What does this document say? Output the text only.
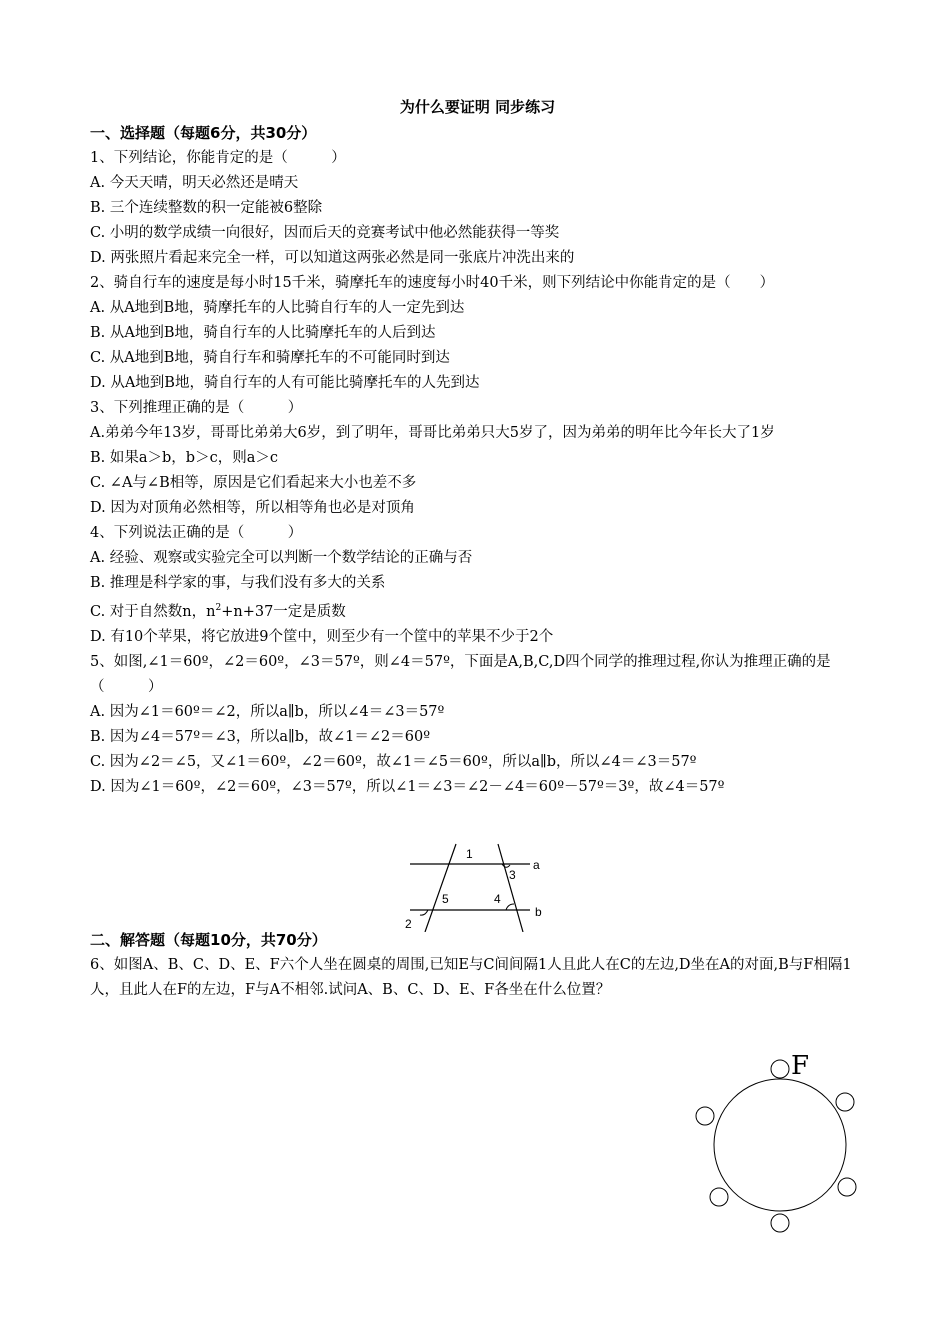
为什么要证明 同步练习
一、选择题（每题6分，共30分）
1、下列结论，你能肯定的是（　　　）
A. 今天天晴，明天必然还是晴天
B. 三个连续整数的积一定能被6整除
C. 小明的数学成绩一向很好，因而后天的竞赛考试中他必然能获得一等奖
D. 两张照片看起来完全一样，可以知道这两张必然是同一张底片冲洗出来的
2、骑自行车的速度是每小时15千米，骑摩托车的速度每小时40千米，则下列结论中你能肯定的是（　　）
A. 从A地到B地，骑摩托车的人比骑自行车的人一定先到达
B. 从A地到B地，骑自行车的人比骑摩托车的人后到达
C. 从A地到B地，骑自行车和骑摩托车的不可能同时到达
D. 从A地到B地，骑自行车的人有可能比骑摩托车的人先到达
3、下列推理正确的是（　　　）
A.弟弟今年13岁，哥哥比弟弟大6岁，到了明年，哥哥比弟弟只大5岁了，因为弟弟的明年比今年长大了1岁
B. 如果a＞b，b＞c，则a＞c
C. ∠A与∠B相等，原因是它们看起来大小也差不多
D. 因为对顶角必然相等，所以相等角也必是对顶角
4、下列说法正确的是（　　　）
A. 经验、观察或实验完全可以判断一个数学结论的正确与否
B. 推理是科学家的事，与我们没有多大的关系
C. 对于自然数n，$n^2+n+37$一定是质数
D. 有10个苹果，将它放进9个筐中，则至少有一个筐中的苹果不少于2个
5、如图,∠1＝60º，∠2＝60º，∠3＝57º，则∠4＝57º，下面是A,B,C,D四个同学的推理过程,你认为推理正确的是（　　　）
A. 因为∠1＝60º＝∠2，所以a∥b，所以∠4＝∠3＝57º
B. 因为∠4＝57º＝∠3，所以a∥b，故∠1＝∠2＝60º
C. 因为∠2＝∠5，又∠1＝60º，∠2＝60º，故∠1＝∠5＝60º，所以a∥b，所以∠4＝∠3＝57º
D. 因为∠1＝60º，∠2＝60º，∠3＝57º，所以∠1＝∠3＝∠2－∠4＝60º－57º＝3º，故∠4＝57º
二、解答题（每题10分，共70分）
6、如图A、B、C、D、E、F六个人坐在圆桌的周围,已知E与C间间隔1人且此人在C的左边,D坐在A的对面,B与F相隔1人，且此人在F的左边，F与A不相邻.试问A、B、C、D、E、F各坐在什么位置？
1
3
a
5	4
b
2
F
